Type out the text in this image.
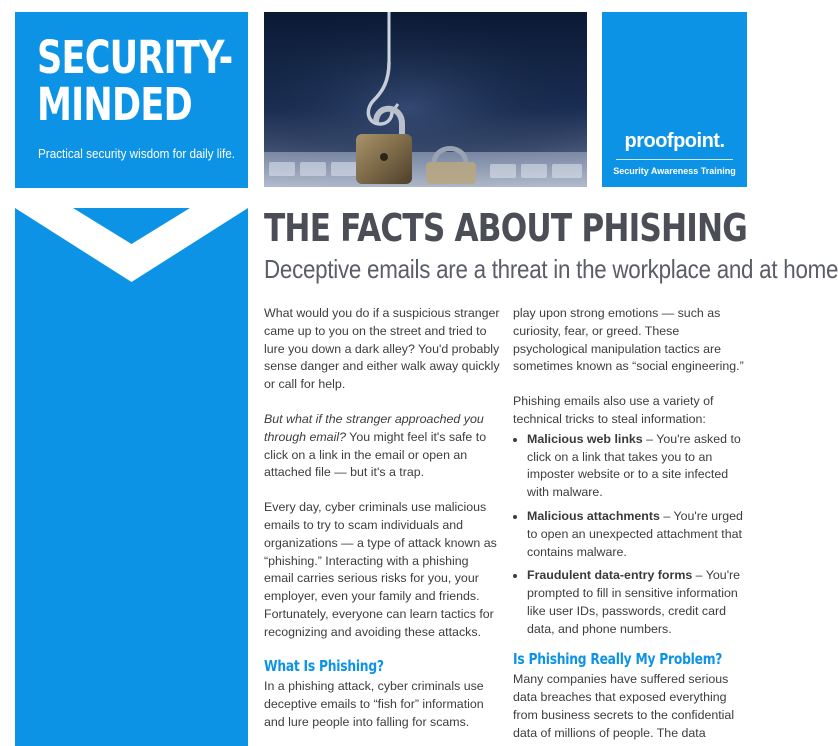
SECURITY-
MINDED

Practical security wisdom for daily life.

proofpoint.
Security Awareness Training
THE FACTS ABOUT PHISHING
Deceptive emails are a threat in the workplace and at home

What would you do if a suspicious stranger came up to you on the street and tried to lure you down a dark alley? You'd probably sense danger and either walk away quickly or call for help.

But what if the stranger approached you through email? You might feel it's safe to click on a link in the email or open an attached file — but it's a trap.

Every day, cyber criminals use malicious emails to try to scam individuals and organizations — a type of attack known as “phishing.” Interacting with a phishing email carries serious risks for you, your employer, even your family and friends. Fortunately, everyone can learn tactics for recognizing and avoiding these attacks.

What Is Phishing?

In a phishing attack, cyber criminals use deceptive emails to “fish for” information and lure people into falling for scams.

play upon strong emotions — such as curiosity, fear, or greed. These psychological manipulation tactics are sometimes known as “social engineering.”

Phishing emails also use a variety of technical tricks to steal information:

• Malicious web links – You're asked to click on a link that takes you to an imposter website or to a site infected with malware.
• Malicious attachments – You're urged to open an unexpected attachment that contains malware.
• Fraudulent data-entry forms – You're prompted to fill in sensitive information like user IDs, passwords, credit card data, and phone numbers.
Is Phishing Really My Problem?

Many companies have suffered serious data breaches that exposed everything from business secrets to the confidential data of millions of people. The data
